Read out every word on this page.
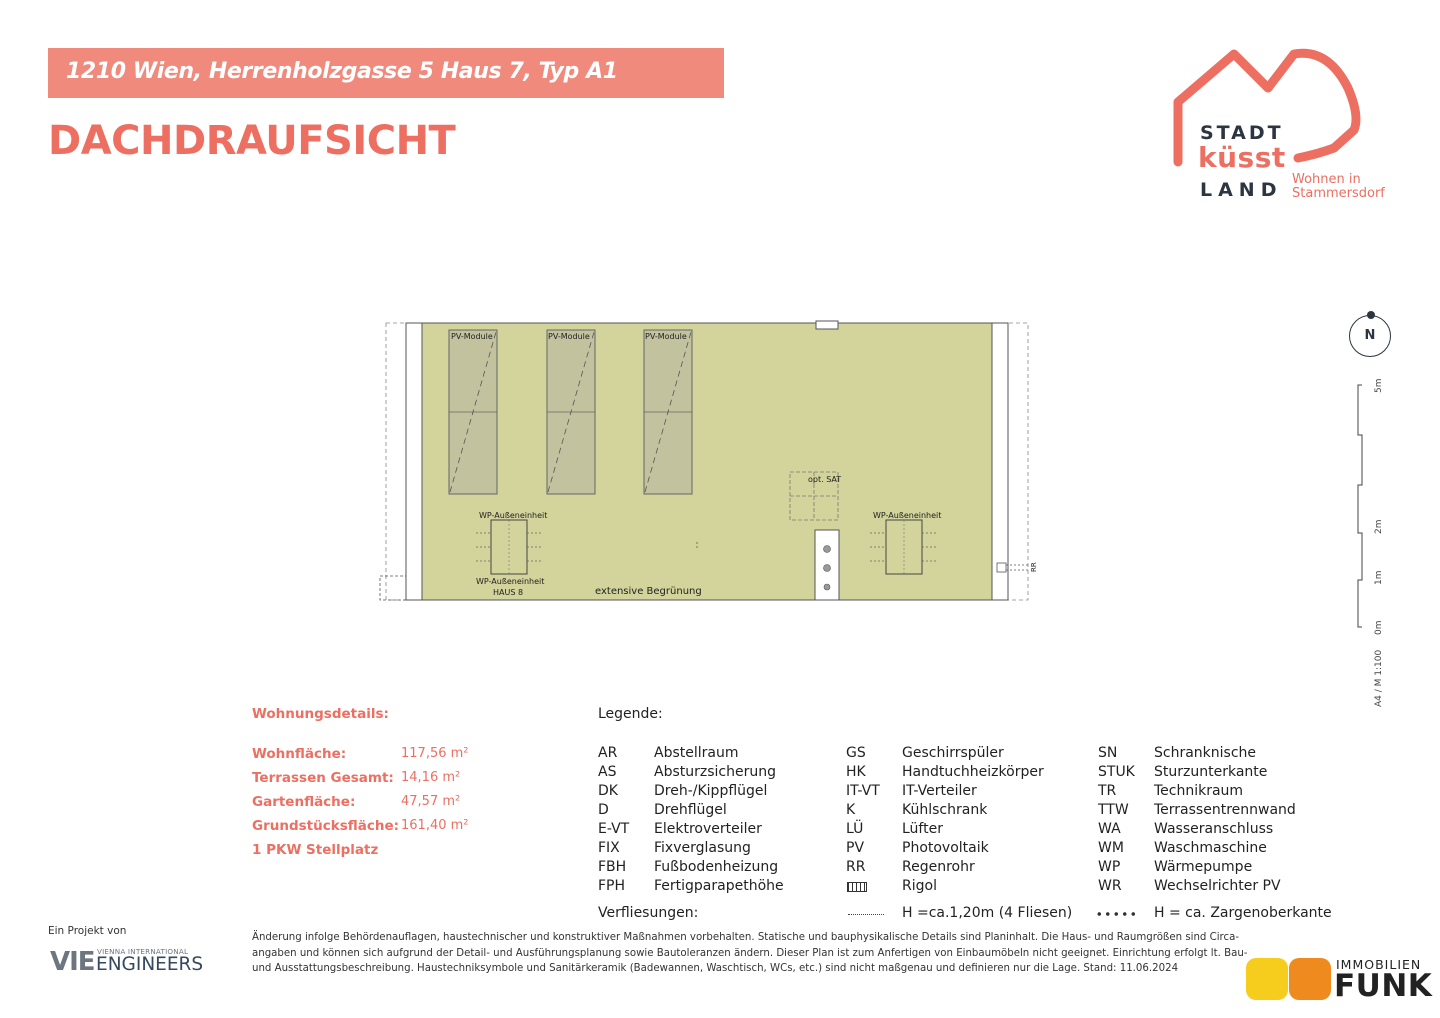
1210 Wien, Herrenholzgasse 5 Haus 7, Typ A1
DACHDRAUFSICHT	STADT
küsst
LAND Wohnen in
Stammersdorf
PV-Module	PV-Module	PV-Module
opt. SAT
WP-Außeneinheit
WP-Außeneinheit
HAUS 8
WP-Außeneinheit
RR
extensive Begrünung
N
5m
2m
1m
0m
A4 / M 1:100
Wohnungsdetails:
Wohnfläche:	117,56 m²
Terrassen Gesamt: 14,16 m²
Gartenfläche:	47,57 m²
Grundstücksfläche: 161,40 m²
1 PKW Stellplatz
Legende:
AR	Abstellraum
AS	Absturzsicherung
DK	Dreh-/Kippflügel
D	Drehflügel
E-VT Elektroverteiler
FIX Fixverglasung
FBH Fußbodenheizung
FPH Fertigparapethöhe
GS	Geschirrspüler
HK	Handtuchheizkörper
IT-VT IT-Verteiler
K	Kühlschrank
LÜ	Lüfter
PV	Photovoltaik
RR	Regenrohr
Rigol
SN	Schranknische
STUK Sturzunterkante
TR	Technikraum
TTW Terrassentrennwand
WA Wasseranschluss
WM Waschmaschine
WP Wärmepumpe
WR Wechselrichter PV
Verfliesungen:	H =ca.1,20m (4 Fliesen)	H = ca. Zargenoberkante
Änderung infolge Behördenauflagen, haustechnischer und konstruktiver Maßnahmen vorbehalten. Statische und bauphysikalische Details sind Planinhalt. Die Haus- und Raumgrößen sind Circa-
angaben und können sich aufgrund der Detail- und Ausführungsplanung sowie Bautoleranzen ändern. Dieser Plan ist zum Anfertigen von Einbaumöbeln nicht geeignet. Einrichtung erfolgt lt. Bau-
und Ausstattungsbeschreibung. Haustechniksymbole und Sanitärkeramik (Badewannen, Waschtisch, WCs, etc.) sind nicht maßgenau und definieren nur die Lage. Stand: 11.06.2024
Ein Projekt von
VIE VIENNA INTERNATIONAL
ENGINEERS	IMMOBILIEN
FUNK
